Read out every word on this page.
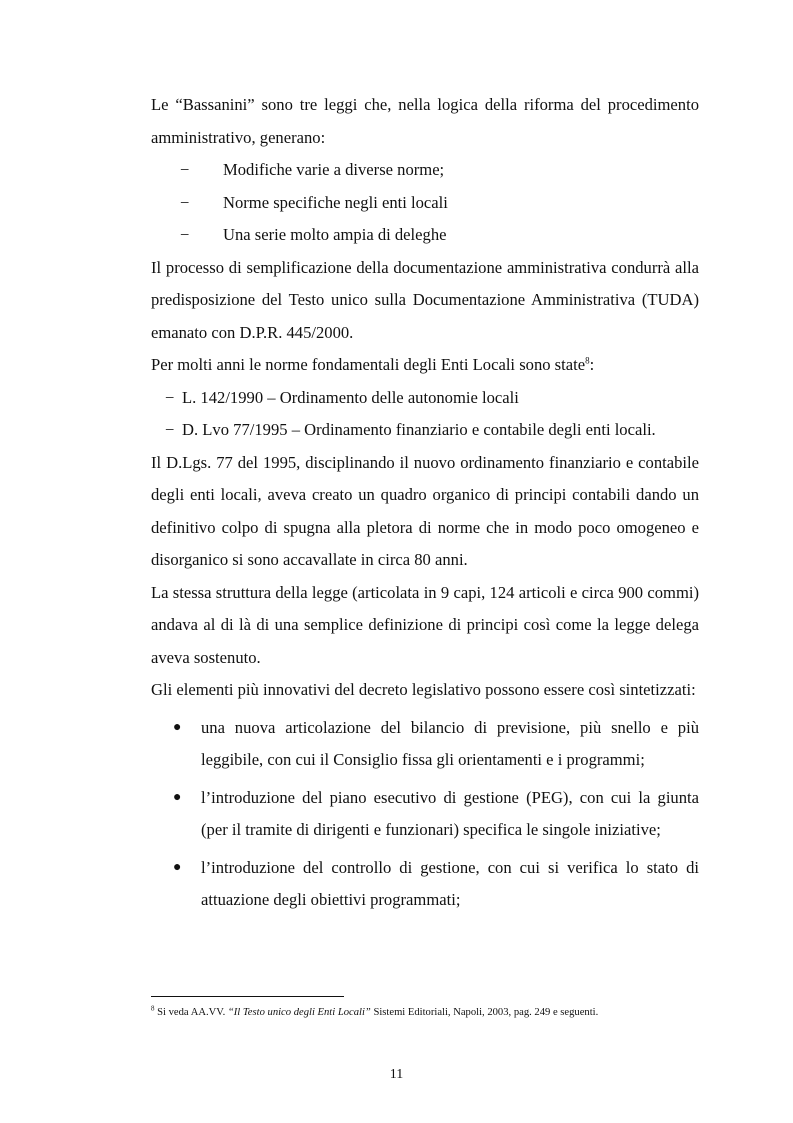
Le “Bassanini” sono tre leggi che, nella logica della riforma del procedimento amministrativo, generano:

− Modifiche varie a diverse norme;
− Norme specifiche negli enti locali
− Una serie molto ampia di deleghe

Il processo di semplificazione della documentazione amministrativa condurrà alla predisposizione del Testo unico sulla Documentazione Amministrativa (TUDA) emanato con D.P.R. 445/2000.

Per molti anni le norme fondamentali degli Enti Locali sono state$^8$:

− L. 142/1990 – Ordinamento delle autonomie locali
− D. Lvo 77/1995 – Ordinamento finanziario e contabile degli enti locali.

Il D.Lgs. 77 del 1995, disciplinando il nuovo ordinamento finanziario e contabile degli enti locali, aveva creato un quadro organico di principi contabili dando un definitivo colpo di spugna alla pletora di norme che in modo poco omogeneo e disorganico si sono accavallate in circa 80 anni.

La stessa struttura della legge (articolata in 9 capi, 124 articoli e circa 900 commi) andava al di là di una semplice definizione di principi così come la legge delega aveva sostenuto.

Gli elementi più innovativi del decreto legislativo possono essere così sintetizzati:

● una nuova articolazione del bilancio di previsione, più snello e più leggibile, con cui il Consiglio fissa gli orientamenti e i programmi;
● l’introduzione del piano esecutivo di gestione (PEG), con cui la giunta (per il tramite di dirigenti e funzionari) specifica le singole iniziative;
● l’introduzione del controllo di gestione, con cui si verifica lo stato di attuazione degli obiettivi programmati;
$^8$ Si veda AA.VV. “Il Testo unico degli Enti Locali” Sistemi Editoriali, Napoli, 2003, pag. 249 e seguenti.
11
